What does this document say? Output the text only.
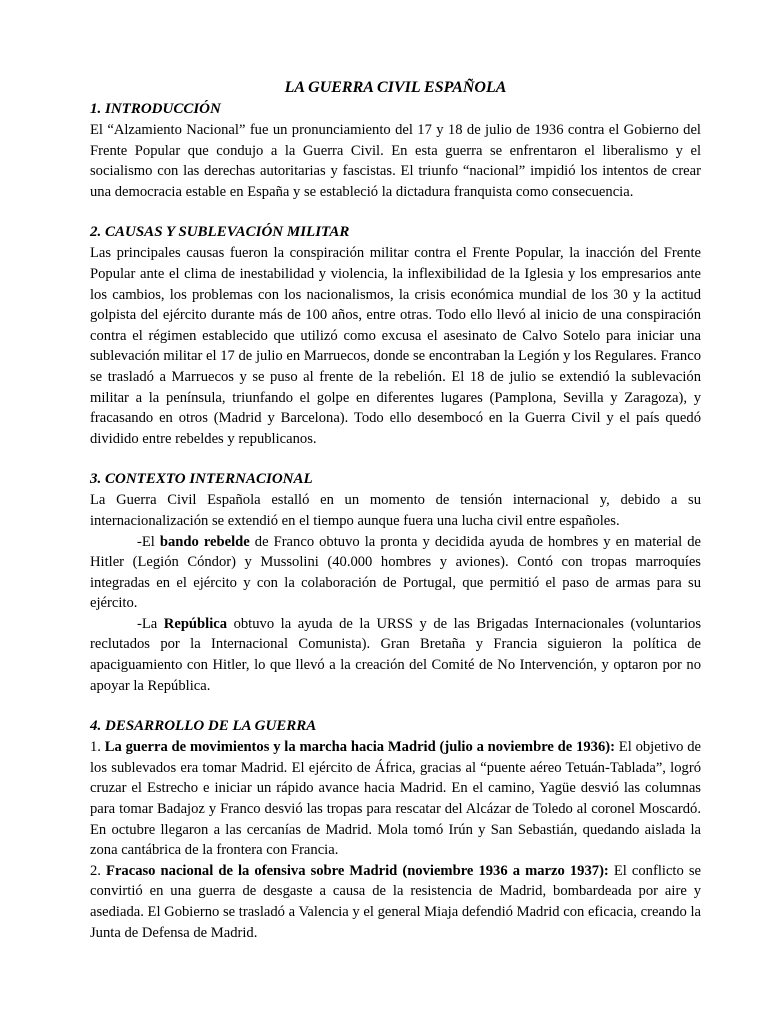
LA GUERRA CIVIL ESPAÑOLA
1. INTRODUCCIÓN

El “Alzamiento Nacional” fue un pronunciamiento del 17 y 18 de julio de 1936 contra el Gobierno del Frente Popular que condujo a la Guerra Civil. En esta guerra se enfrentaron el liberalismo y el socialismo con las derechas autoritarias y fascistas. El triunfo “nacional” impidió los intentos de crear una democracia estable en España y se estableció la dictadura franquista como consecuencia.

2. CAUSAS Y SUBLEVACIÓN MILITAR

Las principales causas fueron la conspiración militar contra el Frente Popular, la inacción del Frente Popular ante el clima de inestabilidad y violencia, la inflexibilidad de la Iglesia y los empresarios ante los cambios, los problemas con los nacionalismos, la crisis económica mundial de los 30 y la actitud golpista del ejército durante más de 100 años, entre otras. Todo ello llevó al inicio de una conspiración contra el régimen establecido que utilizó como excusa el asesinato de Calvo Sotelo para iniciar una sublevación militar el 17 de julio en Marruecos, donde se encontraban la Legión y los Regulares. Franco se trasladó a Marruecos y se puso al frente de la rebelión. El 18 de julio se extendió la sublevación militar a la península, triunfando el golpe en diferentes lugares (Pamplona, Sevilla y Zaragoza), y fracasando en otros (Madrid y Barcelona). Todo ello desembocó en la Guerra Civil y el país quedó dividido entre rebeldes y republicanos.

3. CONTEXTO INTERNACIONAL

La Guerra Civil Española estalló en un momento de tensión internacional y, debido a su internacionalización se extendió en el tiempo aunque fuera una lucha civil entre españoles.

-El bando rebelde de Franco obtuvo la pronta y decidida ayuda de hombres y en material de Hitler (Legión Cóndor) y Mussolini (40.000 hombres y aviones). Contó con tropas marroquíes integradas en el ejército y con la colaboración de Portugal, que permitió el paso de armas para su ejército.

-La República obtuvo la ayuda de la URSS y de las Brigadas Internacionales (voluntarios reclutados por la Internacional Comunista). Gran Bretaña y Francia siguieron la política de apaciguamiento con Hitler, lo que llevó a la creación del Comité de No Intervención, y optaron por no apoyar la República.

4. DESARROLLO DE LA GUERRA

1. La guerra de movimientos y la marcha hacia Madrid (julio a noviembre de 1936): El objetivo de los sublevados era tomar Madrid. El ejército de África, gracias al “puente aéreo Tetuán-Tablada”, logró cruzar el Estrecho e iniciar un rápido avance hacia Madrid. En el camino, Yagüe desvió las columnas para tomar Badajoz y Franco desvió las tropas para rescatar del Alcázar de Toledo al coronel Moscardó. En octubre llegaron a las cercanías de Madrid. Mola tomó Irún y San Sebastián, quedando aislada la zona cantábrica de la frontera con Francia.

2. Fracaso nacional de la ofensiva sobre Madrid (noviembre 1936 a marzo 1937): El conflicto se convirtió en una guerra de desgaste a causa de la resistencia de Madrid, bombardeada por aire y asediada. El Gobierno se trasladó a Valencia y el general Miaja defendió Madrid con eficacia, creando la Junta de Defensa de Madrid.
